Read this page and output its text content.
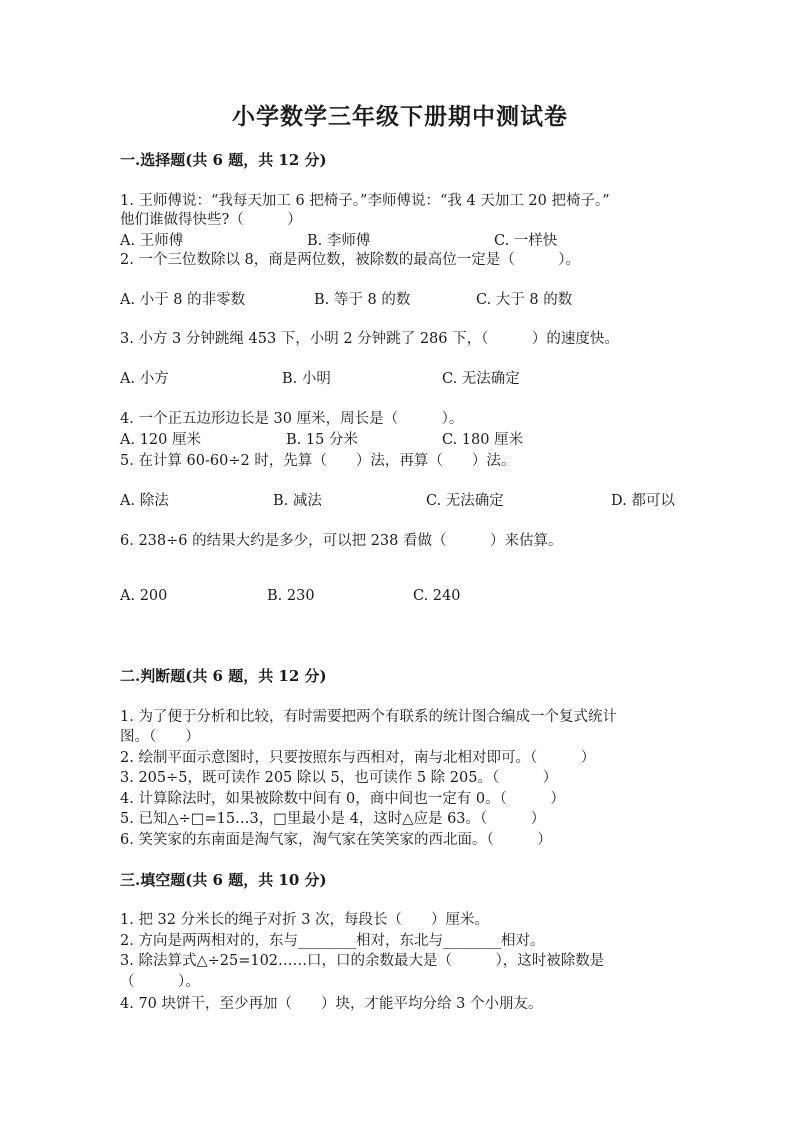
小学数学三年级下册期中测试卷
一.选择题(共 6 题，共 12 分)
1. 王师傅说：“我每天加工 6 把椅子。”李师傅说：“我 4 天加工 20 把椅子。”
他们谁做得快些?（　　　）
A. 王师傅	B. 李师傅	C. 一样快
2. 一个三位数除以 8，商是两位数，被除数的最高位一定是（　　　）。
A. 小于 8 的非零数	B. 等于 8 的数	C. 大于 8 的数
3. 小方 3 分钟跳绳 453 下，小明 2 分钟跳了 286 下，（　　　）的速度快。
A. 小方	B. 小明	C. 无法确定
4. 一个正五边形边长是 30 厘米，周长是（　　　）。
A. 120 厘米	B. 15 分米	C. 180 厘米
5. 在计算 60-60÷2 时，先算（　　）法，再算（　　）法。
A. 除法	B. 减法	C. 无法确定	D. 都可以
6. 238÷6 的结果大约是多少，可以把 238 看做（　　　）来估算。
A. 200	B. 230	C. 240
二.判断题(共 6 题，共 12 分)
1. 为了便于分析和比较，有时需要把两个有联系的统计图合编成一个复式统计
图。（　　）
2. 绘制平面示意图时，只要按照东与西相对，南与北相对即可。（　　　）
3. 205÷5，既可读作 205 除以 5，也可读作 5 除 205。（　　　）
4. 计算除法时，如果被除数中间有 0，商中间也一定有 0。（　　　）
5. 已知△÷□=15…3，□里最小是 4，这时△应是 63。（　　　）
6. 笑笑家的东南面是淘气家，淘气家在笑笑家的西北面。（　　　）
三.填空题(共 6 题，共 10 分)
1. 把 32 分米长的绳子对折 3 次，每段长（　　）厘米。
2. 方向是两两相对的，东与________相对，东北与________相对。
3. 除法算式△÷25=102……口，口的余数最大是（　　　），这时被除数是
（　　　）。
4. 70 块饼干，至少再加（　　）块，才能平均分给 3 个小朋友。
